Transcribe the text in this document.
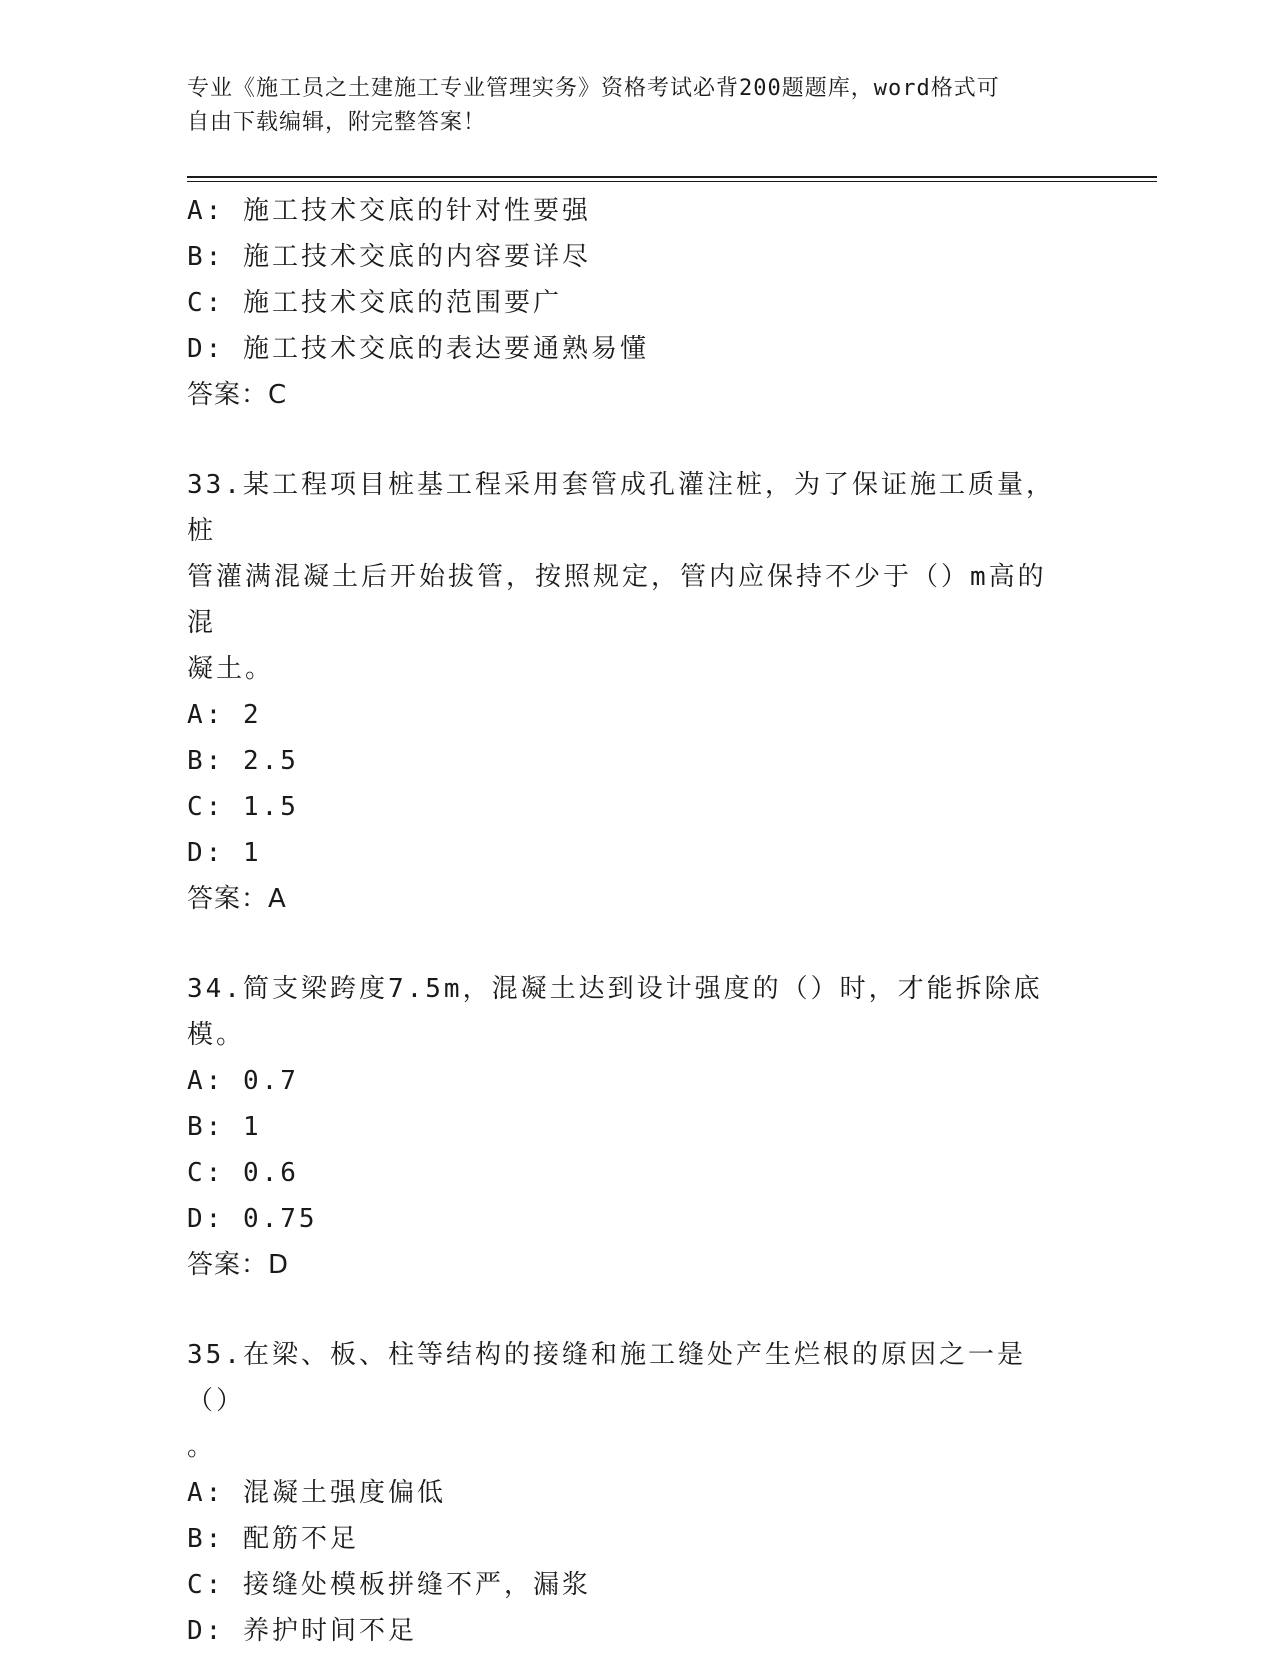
专业《施工员之土建施工专业管理实务》资格考试必背200题题库，word格式可
自由下载编辑，附完整答案！
A: 施工技术交底的针对性要强
B: 施工技术交底的内容要详尽
C: 施工技术交底的范围要广
D: 施工技术交底的表达要通熟易懂
答案：C
33.某工程项目桩基工程采用套管成孔灌注桩，为了保证施工质量，桩
管灌满混凝土后开始拔管，按照规定，管内应保持不少于（）m高的混
凝土。
A: 2
B: 2.5
C: 1.5
D: 1
答案：A
34.简支梁跨度7.5m，混凝土达到设计强度的（）时，才能拆除底模。
A: 0.7
B: 1
C: 0.6
D: 0.75
答案：D
35.在梁、板、柱等结构的接缝和施工缝处产生烂根的原因之一是（）
。
A: 混凝土强度偏低
B: 配筋不足
C: 接缝处模板拼缝不严，漏浆
D: 养护时间不足
